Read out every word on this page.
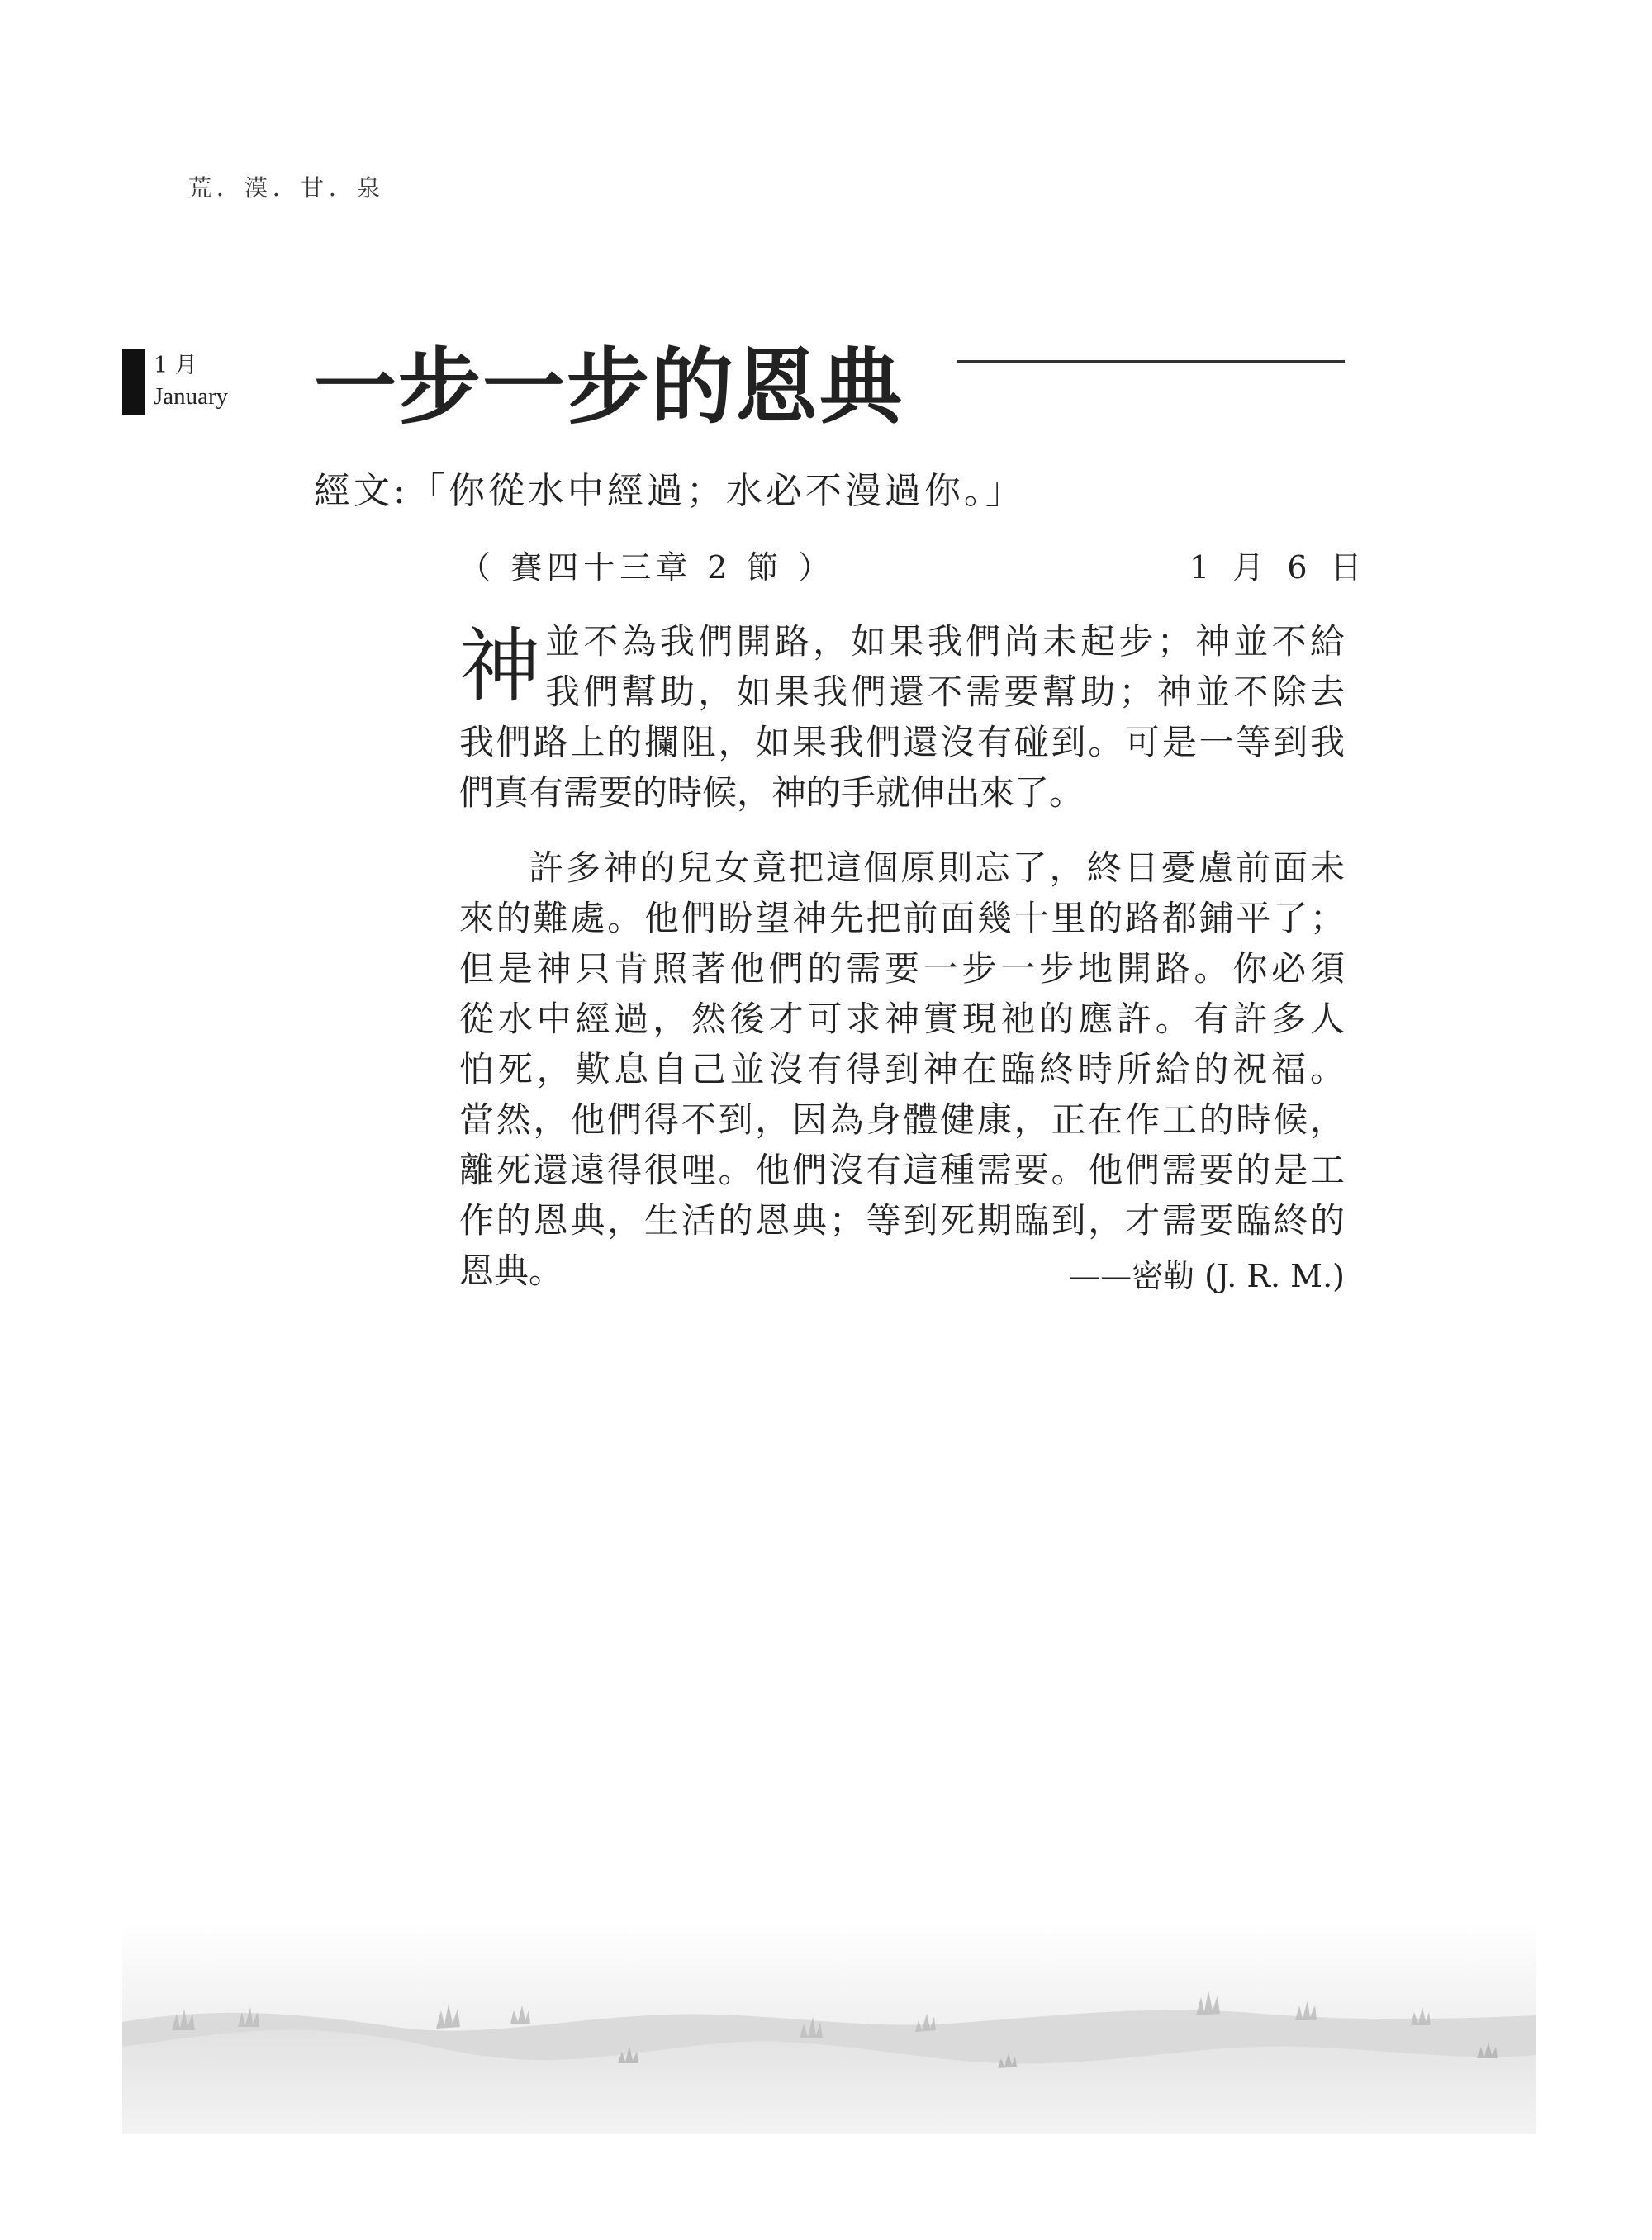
荒．漠．甘．泉
1 月
January 一步一步的恩典
經文:「你從水中經過；水必不漫過你。」
（ 賽四十三章 2 節 ）	1 月 6 日
神 並不為我們開路，如果我們尚未起步；神並不給
我們幫助，如果我們還不需要幫助；神並不除去
我們路上的攔阻，如果我們還沒有碰到。可是一等到我
們真有需要的時候，神的手就伸出來了。
許多神的兒女竟把這個原則忘了，終日憂慮前面未
來的難處。他們盼望神先把前面幾十里的路都鋪平了；
但是神只肯照著他們的需要一步一步地開路。你必須
從水中經過，然後才可求神實現祂的應許。有許多人
怕死，歎息自己並沒有得到神在臨終時所給的祝福。
當然，他們得不到，因為身體健康，正在作工的時候，
離死還遠得很哩。他們沒有這種需要。他們需要的是工
作的恩典，生活的恩典；等到死期臨到，才需要臨終的
恩典。	——密勒 (J. R. M.)
